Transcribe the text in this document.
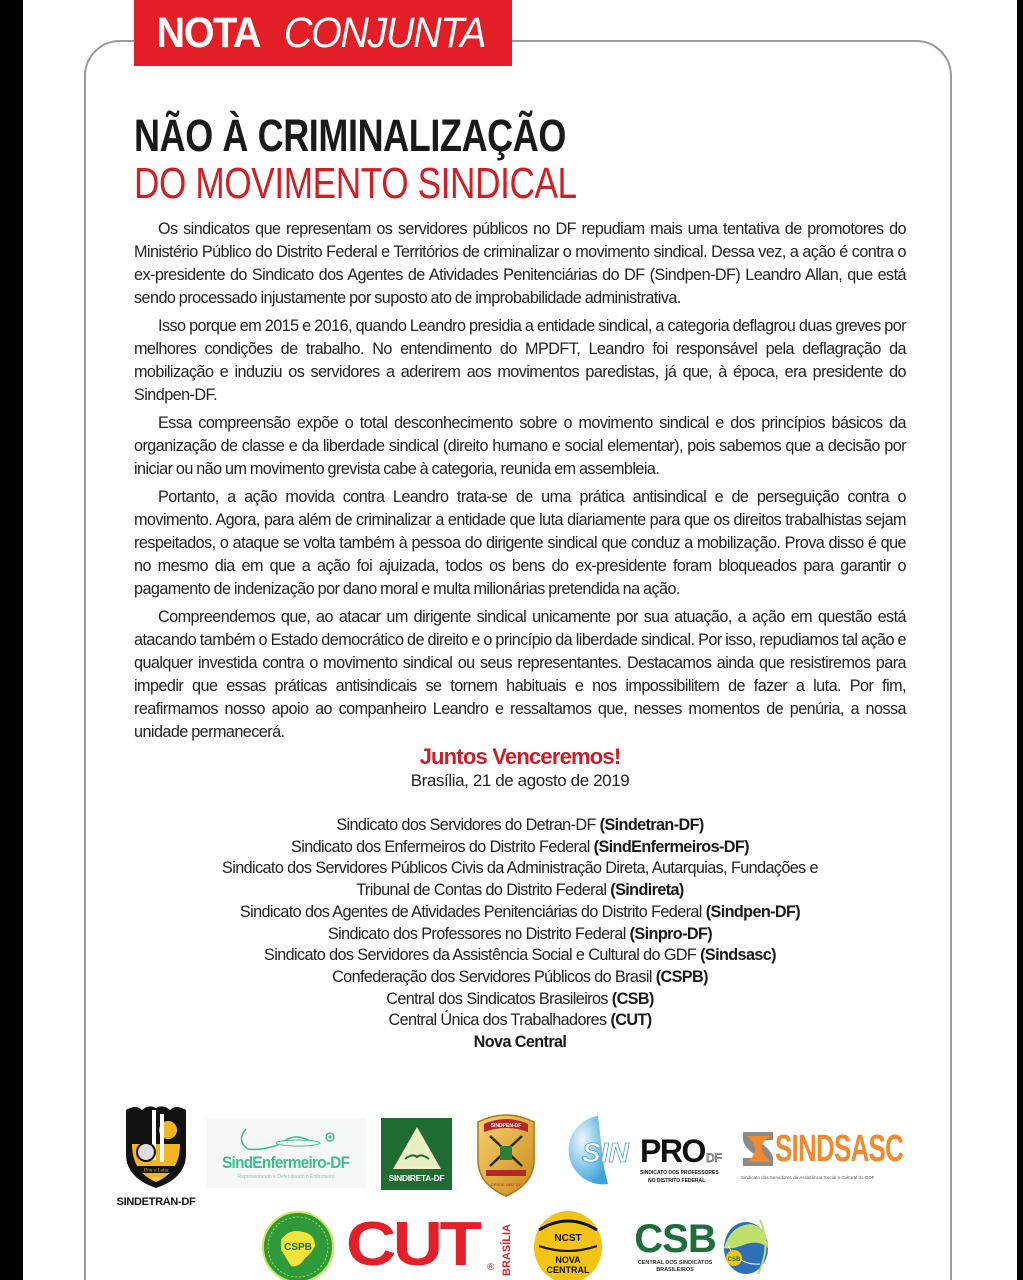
NOTA CONJUNTA
NÃO À CRIMINALIZAÇÃO
DO MOVIMENTO SINDICAL

Os sindicatos que representam os servidores públicos no DF repudiam mais uma tentativa de promotores do Ministério Público do Distrito Federal e Territórios de criminalizar o movimento sindical. Dessa vez, a ação é contra o ex-presidente do Sindicato dos Agentes de Atividades Penitenciárias do DF (Sindpen-DF) Leandro Allan, que está sendo processado injustamente por suposto ato de improbabilidade administrativa.

Isso porque em 2015 e 2016, quando Leandro presidia a entidade sindical, a categoria deflagrou duas greves por melhores condições de trabalho. No entendimento do MPDFT, Leandro foi responsável pela deflagração da mobilização e induziu os servidores a aderirem aos movimentos paredistas, já que, à época, era presidente do Sindpen-DF.

Essa compreensão expõe o total desconhecimento sobre o movimento sindical e dos princípios básicos da organização de classe e da liberdade sindical (direito humano e social elementar), pois sabemos que a decisão por iniciar ou não um movimento grevista cabe à categoria, reunida em assembleia.

Portanto, a ação movida contra Leandro trata-se de uma prática antisindical e de perseguição contra o movimento. Agora, para além de criminalizar a entidade que luta diariamente para que os direitos trabalhistas sejam respeitados, o ataque se volta também à pessoa do dirigente sindical que conduz a mobilização. Prova disso é que no mesmo dia em que a ação foi ajuizada, todos os bens do ex-presidente foram bloqueados para garantir o pagamento de indenização por dano moral e multa milionárias pretendida na ação.

Compreendemos que, ao atacar um dirigente sindical unicamente por sua atuação, a ação em questão está atacando também o Estado democrático de direito e o princípio da liberdade sindical. Por isso, repudiamos tal ação e qualquer investida contra o movimento sindical ou seus representantes. Destacamos ainda que resistiremos para impedir que essas práticas antisindicais se tornem habituais e nos impossibilitem de fazer a luta. Por fim, reafirmamos nosso apoio ao companheiro Leandro e ressaltamos que, nesses momentos de penúria, a nossa unidade permanecerá.

Juntos Venceremos!
Brasília, 21 de agosto de 2019
Sindicato dos Servidores do Detran-DF (Sindetran-DF)
Sindicato dos Enfermeiros do Distrito Federal (SindEnfermeiros-DF)
Sindicato dos Servidores Públicos Civis da Administração Direta, Autarquias, Fundações e
Tribunal de Contas do Distrito Federal (Sindireta)
Sindicato dos Agentes de Atividades Penitenciárias do Distrito Federal (Sindpen-DF)
Sindicato dos Professores no Distrito Federal (Sinpro-DF)
Sindicato dos Servidores da Assistência Social e Cultural do GDF (Sindsasc)
Confederação dos Servidores Públicos do Brasil (CSPB)
Central dos Sindicatos Brasileiros (CSB)
Central Única dos Trabalhadores (CUT)
Nova Central
Unir e Lutar
2000
SINDETRAN-DF
SindEnfermeiro-DF
Representando e Defendendo o Enfermeiro	SINDIRETA-DF
SINDPEN-DF
DESDE 1987 DF
SIN PRO DF
SINDICATO DOS PROFESSORES
NO DISTRITO FEDERAL
SINDSASC
Sindicato dos Servidores da Assistência Social e Cultural do GDF
CSPB CUT ® BRASÍLIA	NCST
NOVA
CENTRAL
CSB
CENTRAL DOS SINDICATOS
BRASILEIROS
CSB
